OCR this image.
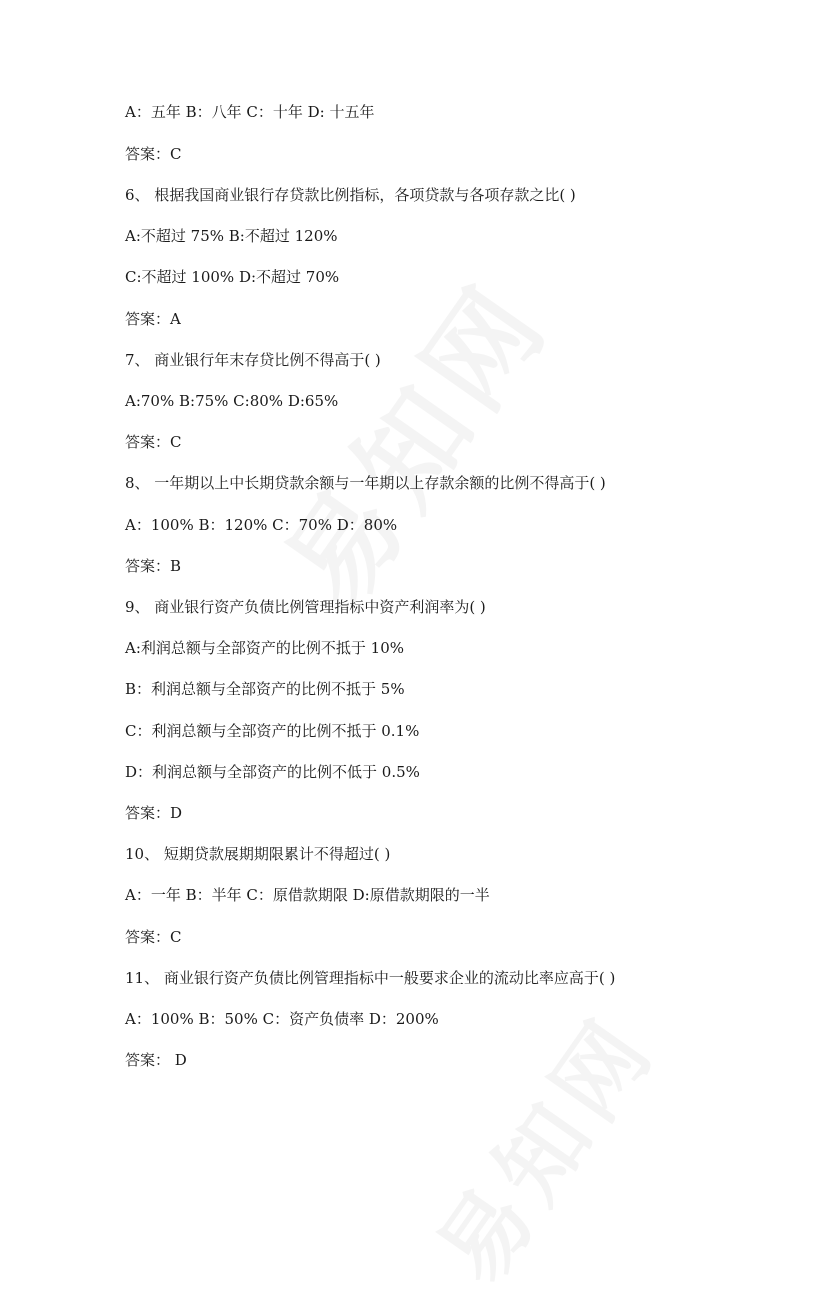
A：五年 B：八年 C：十年 D: 十五年
答案：C
6、 根据我国商业银行存贷款比例指标，各项贷款与各项存款之比( )
A:不超过 75% B:不超过 120%
C:不超过 100% D:不超过 70%
答案：A
7、 商业银行年末存贷比例不得高于( )
A:70% B:75% C:80% D:65%
答案：C
8、 一年期以上中长期贷款余额与一年期以上存款余额的比例不得高于( )
A：100% B：120% C：70% D：80%
答案：B
9、 商业银行资产负债比例管理指标中资产利润率为( )
A:利润总额与全部资产的比例不抵于 10%
B：利润总额与全部资产的比例不抵于 5%
C：利润总额与全部资产的比例不抵于 0.1%
D：利润总额与全部资产的比例不低于 0.5%
答案：D
10、 短期贷款展期期限累计不得超过( )
A：一年 B：半年 C：原借款期限 D:原借款期限的一半
答案：C
11、 商业银行资产负债比例管理指标中一般要求企业的流动比率应高于( )
A：100% B：50% C：资产负债率 D：200%
答案： D
